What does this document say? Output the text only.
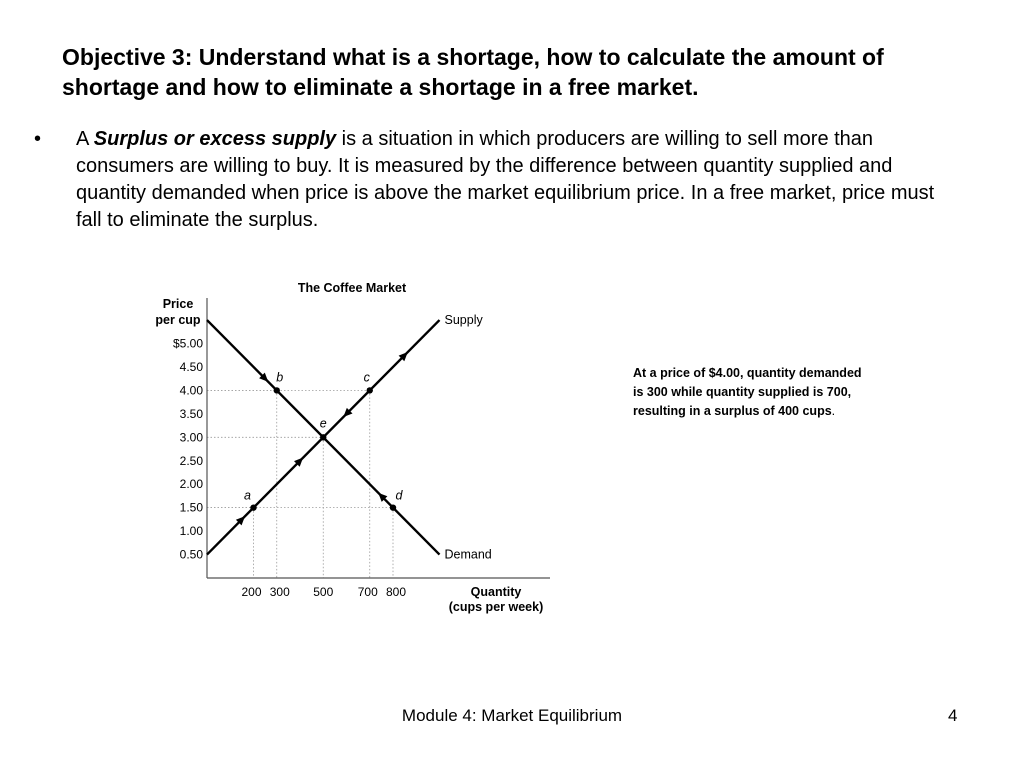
Objective 3: Understand what is a shortage, how to calculate the amount of shortage and how to eliminate a shortage in a free market.
• A Surplus or excess supply is a situation in which producers are willing to sell more than consumers are willing to buy. It is measured by the difference between quantity supplied and quantity demanded when price is above the market equilibrium price. In a free market, price must fall to eliminate the surplus.
The Coffee Market
Price
per cup
Quantity
(cups per week)
$5.00
4.50
4.00
3.50
3.00
2.50
2.00
1.50
1.00
0.50
200 300 500 700 800
Supply
Demand
a
b	c
d
e
At a price of $4.00, quantity demanded is 300 while quantity supplied is 700, resulting in a surplus of 400 cups.
Module 4: Market Equilibrium	4
